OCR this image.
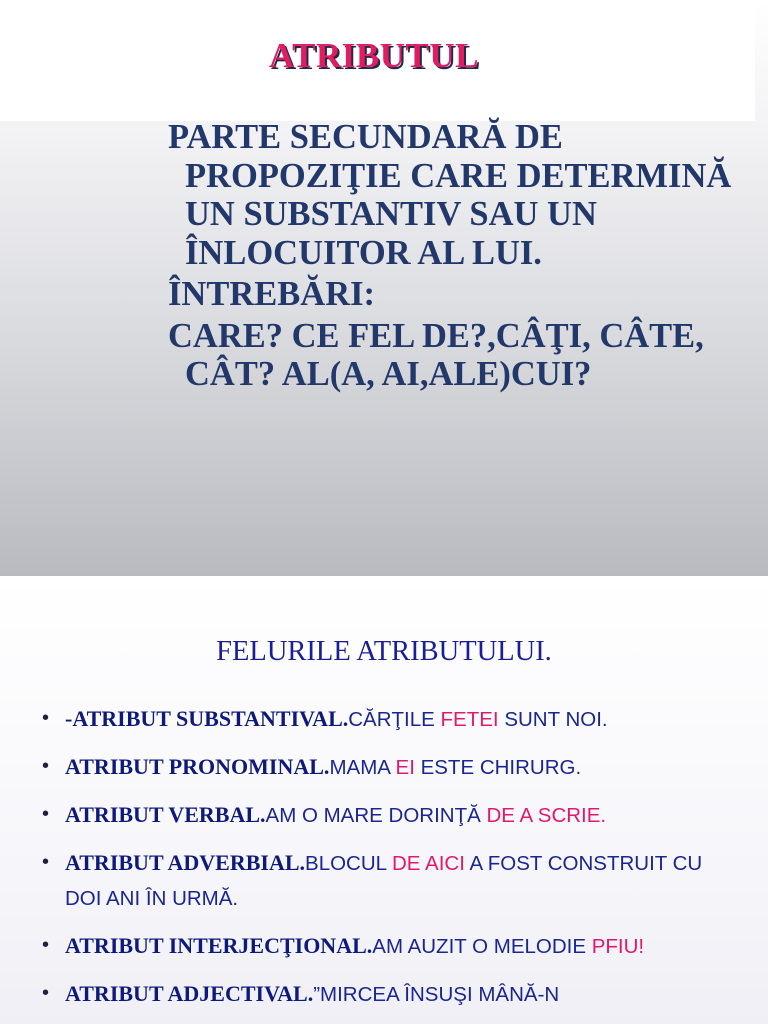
ATRIBUTUL

PARTE SECUNDARĂ DE PROPOZIŢIE CARE DETERMINĂ UN SUBSTANTIV SAU UN ÎNLOCUITOR AL LUI.

ÎNTREBĂRI:

CARE? CE FEL DE?,CÂŢI, CÂTE, CÂT? AL(A, AI,ALE)CUI?

FELURILE ATRIBUTULUI.
• -ATRIBUT SUBSTANTIVAL.CĂRŢILE FETEI SUNT NOI.
• ATRIBUT PRONOMINAL.MAMA EI ESTE CHIRURG.
• ATRIBUT VERBAL.AM O MARE DORINŢĂ DE A SCRIE.
• ATRIBUT ADVERBIAL.BLOCUL DE AICI A FOST CONSTRUIT CU DOI ANI ÎN URMĂ.
• ATRIBUT INTERJECŢIONAL.AM AUZIT O MELODIE PFIU!
• ATRIBUT ADJECTIVAL.”MIRCEA ÎNSUŞI MÂNĂ-N
